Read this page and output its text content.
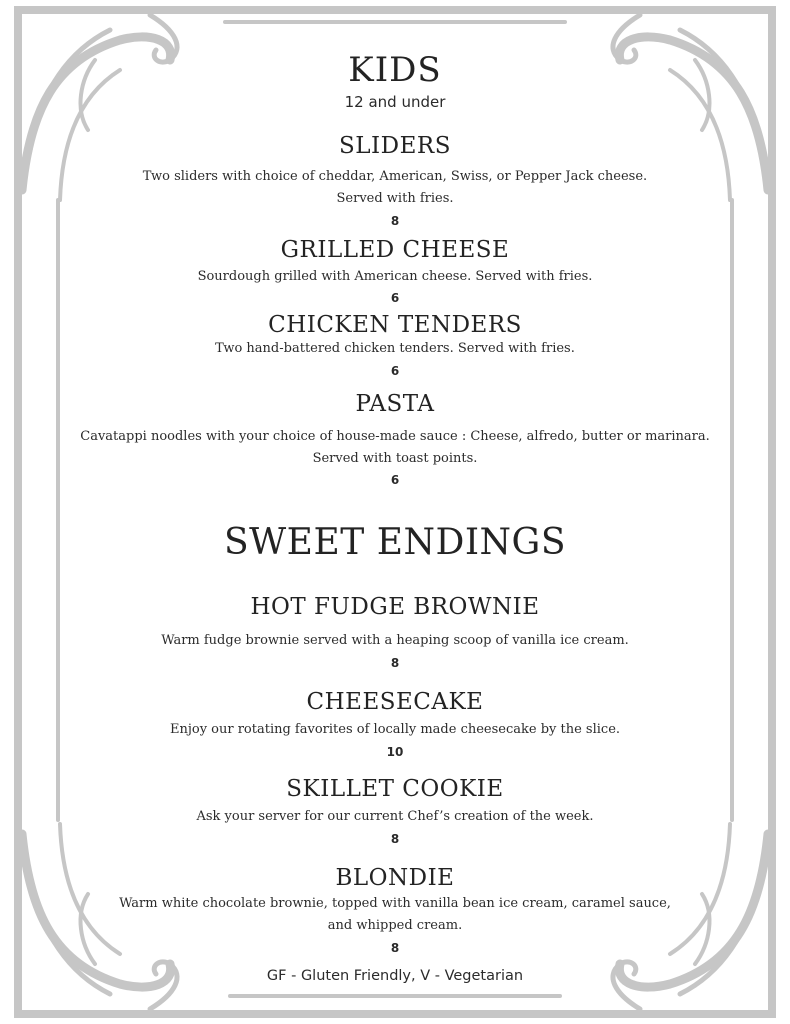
KIDS
12 and under
SLIDERS
Two sliders with choice of cheddar, American, Swiss, or Pepper Jack cheese.
Served with fries.
8
GRILLED CHEESE
Sourdough grilled with American cheese. Served with fries.
6
CHICKEN TENDERS
Two hand-battered chicken tenders. Served with fries.
6
PASTA
Cavatappi noodles with your choice of house-made sauce : Cheese, alfredo, butter or marinara.
Served with toast points.
6
SWEET ENDINGS
HOT FUDGE BROWNIE
Warm fudge brownie served with a heaping scoop of vanilla ice cream.
8
CHEESECAKE
Enjoy our rotating favorites of locally made cheesecake by the slice.
10
SKILLET COOKIE
Ask your server for our current Chef’s creation of the week.
8
BLONDIE
Warm white chocolate brownie, topped with vanilla bean ice cream, caramel sauce,
and whipped cream.
8
GF - Gluten Friendly, V - Vegetarian
